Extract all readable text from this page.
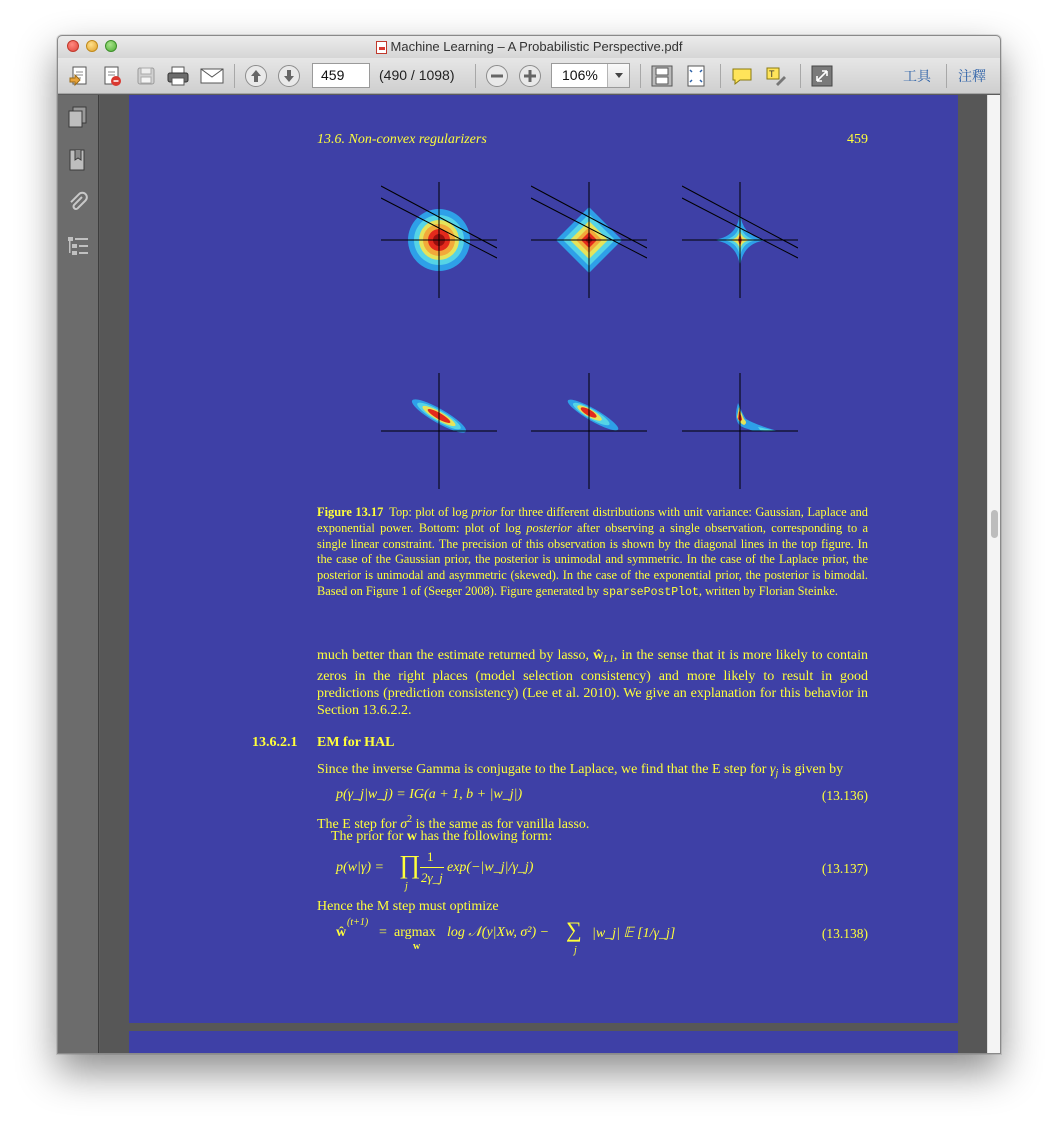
Machine Learning – A Probabilistic Perspective.pdf
459	(490 / 1098)	106%	T	工具 注釋
13.6. Non-convex regularizers	459
Figure 13.17 Top: plot of log prior for three different distributions with unit variance: Gaussian, Laplace and exponential power. Bottom: plot of log posterior after observing a single observation, corresponding to a single linear constraint. The precision of this observation is shown by the diagonal lines in the top figure. In the case of the Gaussian prior, the posterior is unimodal and symmetric. In the case of the Laplace prior, the posterior is unimodal and asymmetric (skewed). In the case of the exponential prior, the posterior is bimodal. Based on Figure 1 of (Seeger 2008). Figure generated by sparsePostPlot, written by Florian Steinke.
much better than the estimate returned by lasso, $ŵ_{L1}$, in the sense that it is more likely to contain zeros in the right places (model selection consistency) and more likely to result in good predictions (prediction consistency) (Lee et al. 2010). We give an explanation for this behavior in Section 13.6.2.2.
13.6.2.1 EM for HAL
Since the inverse Gamma is conjugate to the Laplace, we find that the E step for $\gamma_j$ is given by
p(γ_j|w_j) = IG(a + 1, b + |w_j|)	(13.136)
The E step for $\sigma^2$ is the same as for vanilla lasso.
The prior for w has the following form:
p(w|γ) = ∏
j
1
2γ_j
exp(−|w_j|/γ_j)	(13.137)
Hence the M step must optimize
ŵ
(t+1)
= argmax
w
log 𝒩(y|Xw, σ²) − ∑
j
|w_j| 𝔼 [1/γ_j]	(13.138)
